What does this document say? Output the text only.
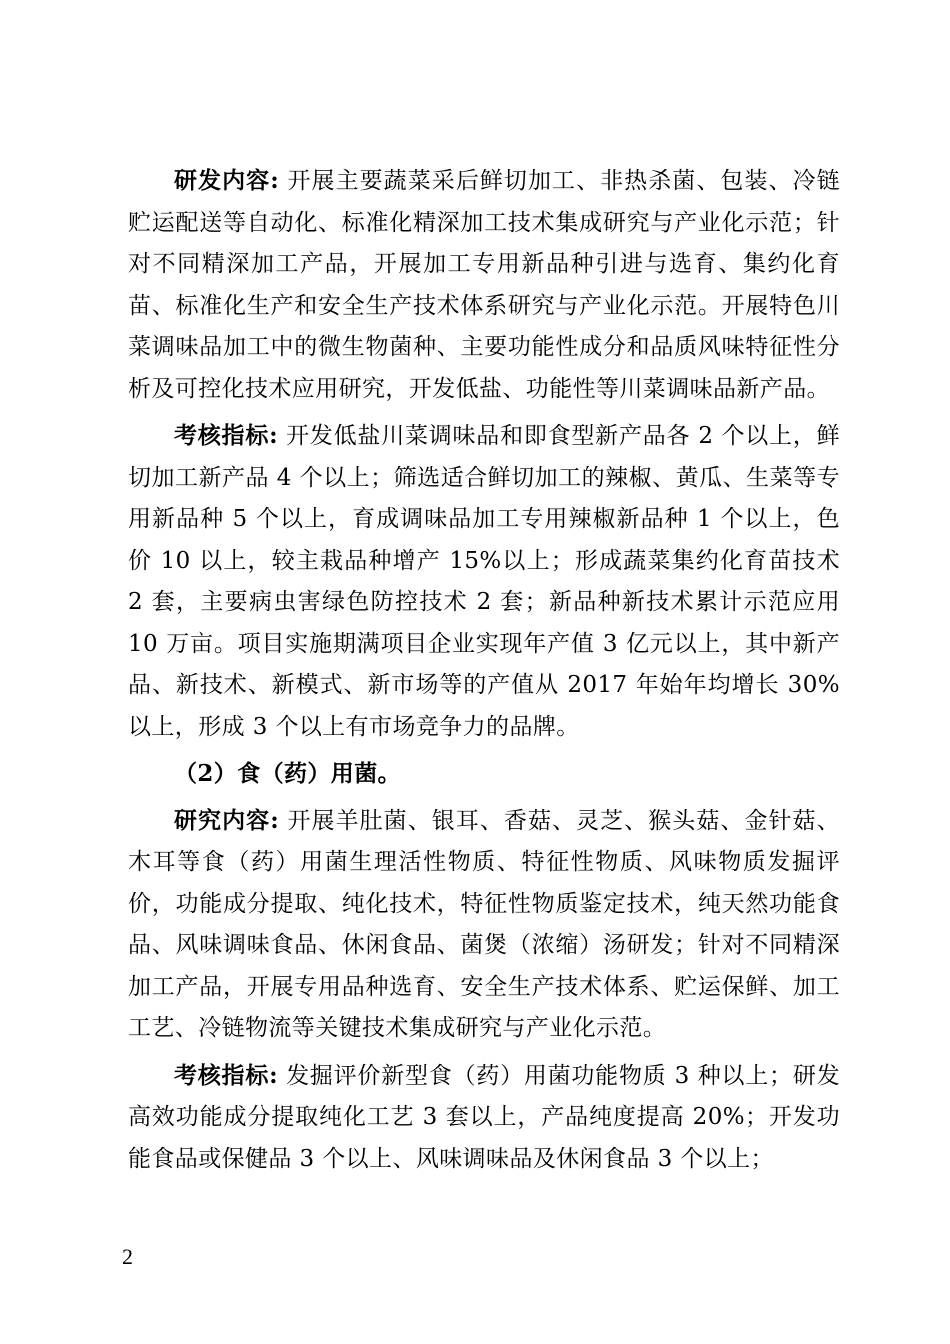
研发内容: 开展主要蔬菜采后鲜切加工、非热杀菌、包装、冷链贮运配送等自动化、标准化精深加工技术集成研究与产业化示范；针对不同精深加工产品，开展加工专用新品种引进与选育、集约化育苗、标准化生产和安全生产技术体系研究与产业化示范。开展特色川菜调味品加工中的微生物菌种、主要功能性成分和品质风味特征性分析及可控化技术应用研究，开发低盐、功能性等川菜调味品新产品。

考核指标: 开发低盐川菜调味品和即食型新产品各 2 个以上，鲜切加工新产品 4 个以上；筛选适合鲜切加工的辣椒、黄瓜、生菜等专用新品种 5 个以上，育成调味品加工专用辣椒新品种 1 个以上，色价 10 以上，较主栽品种增产 15%以上；形成蔬菜集约化育苗技术 2 套，主要病虫害绿色防控技术 2 套；新品种新技术累计示范应用 10 万亩。项目实施期满项目企业实现年产值 3 亿元以上，其中新产品、新技术、新模式、新市场等的产值从 2017 年始年均增长 30%以上，形成 3 个以上有市场竞争力的品牌。

（2）食（药）用菌。

研究内容: 开展羊肚菌、银耳、香菇、灵芝、猴头菇、金针菇、木耳等食（药）用菌生理活性物质、特征性物质、风味物质发掘评价，功能成分提取、纯化技术，特征性物质鉴定技术，纯天然功能食品、风味调味食品、休闲食品、菌煲（浓缩）汤研发；针对不同精深加工产品，开展专用品种选育、安全生产技术体系、贮运保鲜、加工工艺、冷链物流等关键技术集成研究与产业化示范。

考核指标: 发掘评价新型食（药）用菌功能物质 3 种以上；研发高效功能成分提取纯化工艺 3 套以上，产品纯度提高 20%；开发功能食品或保健品 3 个以上、风味调味品及休闲食品 3 个以上；

2
